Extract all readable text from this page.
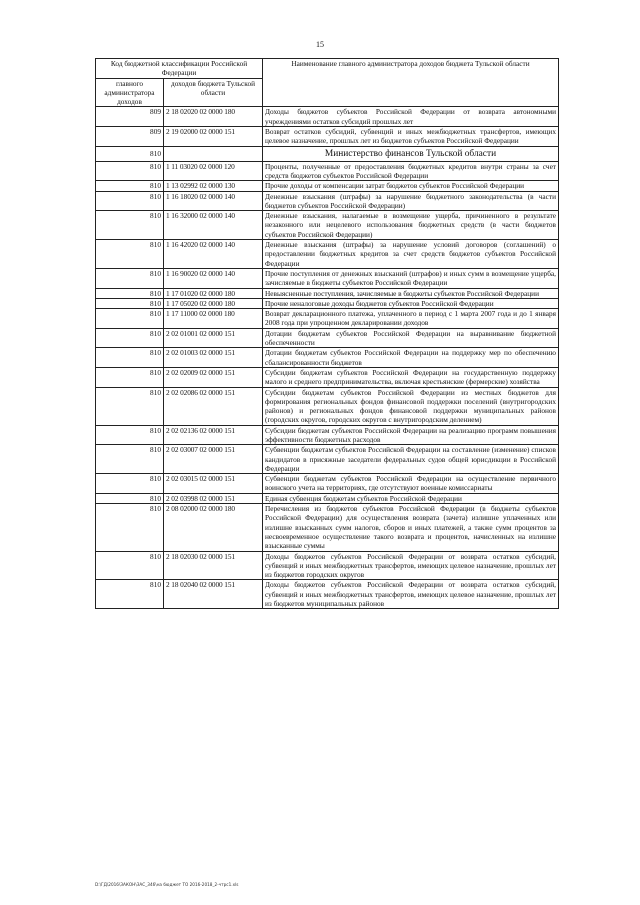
15
Код бюджетной классификации Российской Федерации		Наименование главного администратора доходов бюджета Тульской области
главного администратора доходов	доходов бюджета Тульской области	
809	2 18 02020 02 0000 180	Доходы бюджетов субъектов Российской Федерации от возврата автономными учреждениями остатков субсидий прошлых лет
809	2 19 02000 02 0000 151	Возврат остатков субсидий, субвенций и иных межбюджетных трансфертов, имеющих целевое назначение, прошлых лет из бюджетов субъектов Российской Федерации
810		Министерство финансов Тульской области
810	1 11 03020 02 0000 120	Проценты, полученные от предоставления бюджетных кредитов внутри страны за счет средств бюджетов субъектов Российской Федерации
810	1 13 02992 02 0000 130	Прочие доходы от компенсации затрат бюджетов субъектов Российской Федерации
810	1 16 18020 02 0000 140	Денежные взыскания (штрафы) за нарушение бюджетного законодательства (в части бюджетов субъектов Российской Федерации)
810	1 16 32000 02 0000 140	Денежные взыскания, налагаемые в возмещение ущерба, причиненного в результате незаконного или нецелевого использования бюджетных средств (в части бюджетов субъектов Российской Федерации)
810	1 16 42020 02 0000 140	Денежные взыскания (штрафы) за нарушение условий договоров (соглашений) о предоставлении бюджетных кредитов за счет средств бюджетов субъектов Российской Федерации
810	1 16 90020 02 0000 140	Прочие поступления от денежных взысканий (штрафов) и иных сумм в возмещение ущерба, зачисляемые в бюджеты субъектов Российской Федерации
810	1 17 01020 02 0000 180	Невыясненные поступления, зачисляемые в бюджеты субъектов Российской Федерации
810	1 17 05020 02 0000 180	Прочие неналоговые доходы бюджетов субъектов Российской Федерации
810	1 17 11000 02 0000 180	Возврат декларационного платежа, уплаченного в период с 1 марта 2007 года и до 1 января 2008 года при упрощенном декларировании доходов
810	2 02 01001 02 0000 151	Дотации бюджетам субъектов Российской Федерации на выравнивание бюджетной обеспеченности
810	2 02 01003 02 0000 151	Дотации бюджетам субъектов Российской Федерации на поддержку мер по обеспечению сбалансированности бюджетов
810	2 02 02009 02 0000 151	Субсидии бюджетам субъектов Российской Федерации на государственную поддержку малого и среднего предпринимательства, включая крестьянские (фермерские) хозяйства
810	2 02 02086 02 0000 151	Субсидии бюджетам субъектов Российской Федерации из местных бюджетов для формирования региональных фондов финансовой поддержки поселений (внутригородских районов) и региональных фондов финансовой поддержки муниципальных районов (городских округов, городских округов с внутригородским делением)
810	2 02 02136 02 0000 151	Субсидии бюджетам субъектов Российской Федерации на реализацию программ повышения эффективности бюджетных расходов
810	2 02 03007 02 0000 151	Субвенции бюджетам субъектов Российской Федерации на составление (изменение) списков кандидатов в присяжные заседатели федеральных судов общей юрисдикции в Российской Федерации
810	2 02 03015 02 0000 151	Субвенции бюджетам субъектов Российской Федерации на осуществление первичного воинского учета на территориях, где отсутствуют военные комиссариаты
810	2 02 03998 02 0000 151	Единая субвенция бюджетам субъектов Российской Федерации
810	2 08 02000 02 0000 180	Перечисления из бюджетов субъектов Российской Федерации (в бюджеты субъектов Российской Федерации) для осуществления возврата (зачета) излишне уплаченных или излишне взысканных сумм налогов, сборов и иных платежей, а также сумм процентов за несвоевременное осуществление такого возврата и процентов, начисленных на излишне взысканные суммы
810	2 18 02030 02 0000 151	Доходы бюджетов субъектов Российской Федерации от возврата остатков субсидий, субвенций и иных межбюджетных трансфертов, имеющих целевое назначение, прошлых лет из бюджетов городских округов
810	2 18 02040 02 0000 151	Доходы бюджетов субъектов Российской Федерации от возврата остатков субсидий, субвенций и иных межбюджетных трансфертов, имеющих целевое назначение, прошлых лет из бюджетов муниципальных районов
D:\ГД\2016\ЗАКОН\ЗАС_346\на бюджет ТО 2016-2018_2-чтрс1.xls
